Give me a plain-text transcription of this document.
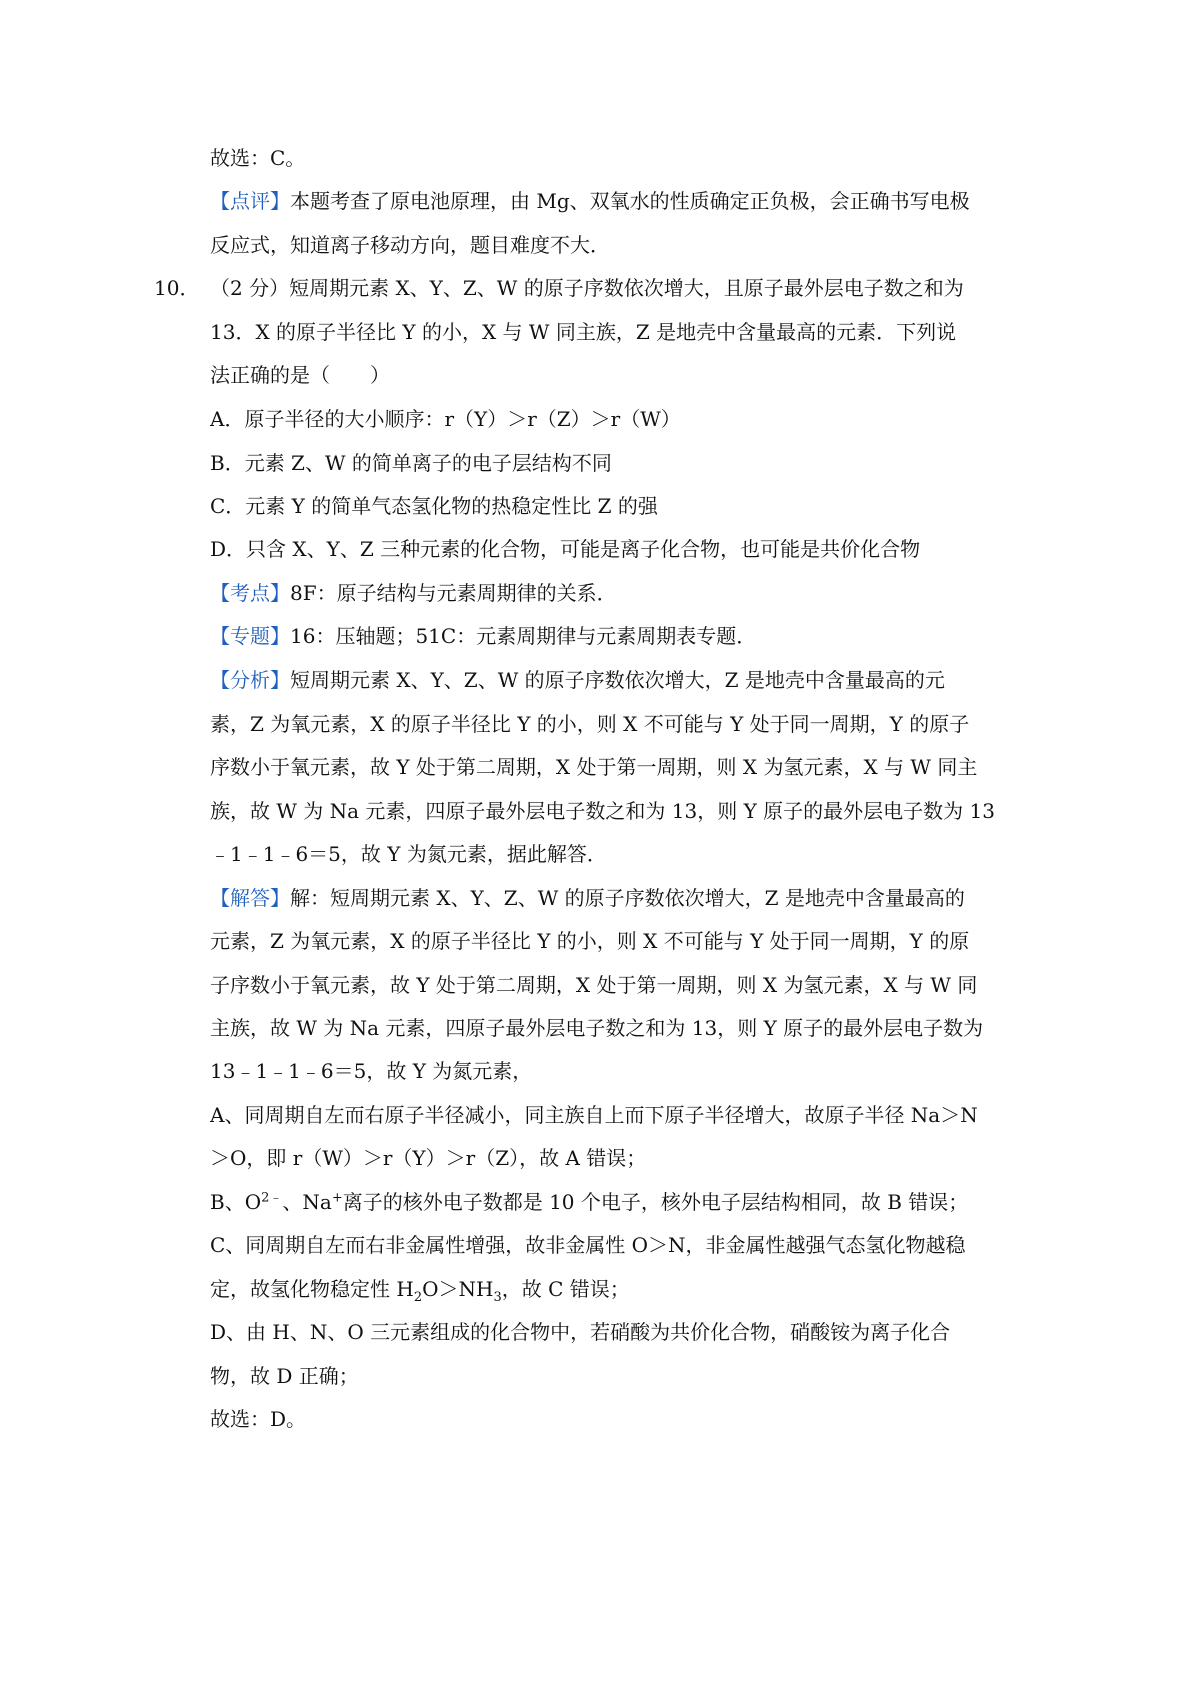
故选：C。
【点评】本题考查了原电池原理，由 Mg、双氧水的性质确定正负极，会正确书写电极
反应式，知道离子移动方向，题目难度不大．
10． （2 分）短周期元素 X、Y、Z、W 的原子序数依次增大，且原子最外层电子数之和为
13．X 的原子半径比 Y 的小，X 与 W 同主族，Z 是地壳中含量最高的元素．下列说
法正确的是（　　）
A．原子半径的大小顺序：r（Y）＞r（Z）＞r（W）
B．元素 Z、W 的简单离子的电子层结构不同
C．元素 Y 的简单气态氢化物的热稳定性比 Z 的强
D．只含 X、Y、Z 三种元素的化合物，可能是离子化合物，也可能是共价化合物
【考点】8F：原子结构与元素周期律的关系．
【专题】16：压轴题；51C：元素周期律与元素周期表专题．
【分析】短周期元素 X、Y、Z、W 的原子序数依次增大，Z 是地壳中含量最高的元
素，Z 为氧元素，X 的原子半径比 Y 的小，则 X 不可能与 Y 处于同一周期，Y 的原子
序数小于氧元素，故 Y 处于第二周期，X 处于第一周期，则 X 为氢元素，X 与 W 同主
族，故 W 为 Na 元素，四原子最外层电子数之和为 13，则 Y 原子的最外层电子数为 13
﹣1﹣1﹣6＝5，故 Y 为氮元素，据此解答．
【解答】解：短周期元素 X、Y、Z、W 的原子序数依次增大，Z 是地壳中含量最高的
元素，Z 为氧元素，X 的原子半径比 Y 的小，则 X 不可能与 Y 处于同一周期，Y 的原
子序数小于氧元素，故 Y 处于第二周期，X 处于第一周期，则 X 为氢元素，X 与 W 同
主族，故 W 为 Na 元素，四原子最外层电子数之和为 13，则 Y 原子的最外层电子数为
13﹣1﹣1﹣6＝5，故 Y 为氮元素，
A、同周期自左而右原子半径减小，同主族自上而下原子半径增大，故原子半径 Na＞N
＞O，即 r（W）＞r（Y）＞r（Z），故 A 错误；
B、$O^{2﹣}$、Na+离子的核外电子数都是 10 个电子，核外电子层结构相同，故 B 错误；
C、同周期自左而右非金属性增强，故非金属性 O＞N，非金属性越强气态氢化物越稳
定，故氢化物稳定性 $H_2O>NH_3$，故 C 错误；
D、由 H、N、O 三元素组成的化合物中，若硝酸为共价化合物，硝酸铵为离子化合
物，故 D 正确；
故选：D。
